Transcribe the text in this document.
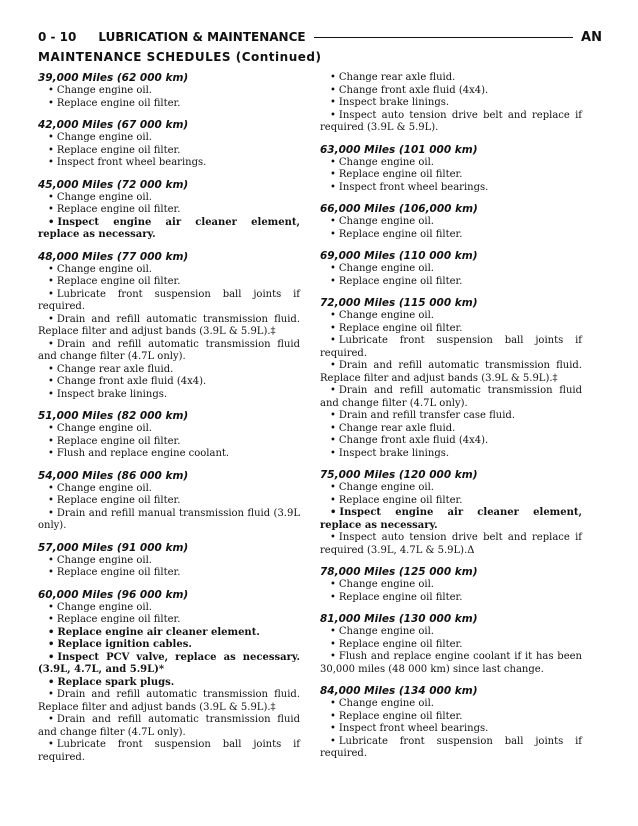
0 - 10 LUBRICATION & MAINTENANCE	AN
MAINTENANCE SCHEDULES (Continued)
39,000 Miles (62 000 km)
• Change engine oil.
• Replace engine oil filter.
42,000 Miles (67 000 km)
• Change engine oil.
• Replace engine oil filter.
• Inspect front wheel bearings.
45,000 Miles (72 000 km)
• Change engine oil.
• Replace engine oil filter.
• Inspect engine air cleaner element, replace as necessary.
48,000 Miles (77 000 km)
• Change engine oil.
• Replace engine oil filter.
• Lubricate front suspension ball joints if required.
• Drain and refill automatic transmission fluid. Replace filter and adjust bands (3.9L & 5.9L).‡
• Drain and refill automatic transmission fluid and change filter (4.7L only).
• Change rear axle fluid.
• Change front axle fluid (4x4).
• Inspect brake linings.
51,000 Miles (82 000 km)
• Change engine oil.
• Replace engine oil filter.
• Flush and replace engine coolant.
54,000 Miles (86 000 km)
• Change engine oil.
• Replace engine oil filter.
• Drain and refill manual transmission fluid (3.9L only).
57,000 Miles (91 000 km)
• Change engine oil.
• Replace engine oil filter.
60,000 Miles (96 000 km)
• Change engine oil.
• Replace engine oil filter.
• Replace engine air cleaner element.
• Replace ignition cables.
• Inspect PCV valve, replace as necessary. (3.9L, 4.7L, and 5.9L)*
• Replace spark plugs.
• Drain and refill automatic transmission fluid. Replace filter and adjust bands (3.9L & 5.9L).‡
• Drain and refill automatic transmission fluid and change filter (4.7L only).
• Lubricate front suspension ball joints if required.
• Change rear axle fluid.
• Change front axle fluid (4x4).
• Inspect brake linings.
• Inspect auto tension drive belt and replace if required (3.9L & 5.9L).
63,000 Miles (101 000 km)
• Change engine oil.
• Replace engine oil filter.
• Inspect front wheel bearings.
66,000 Miles (106,000 km)
• Change engine oil.
• Replace engine oil filter.
69,000 Miles (110 000 km)
• Change engine oil.
• Replace engine oil filter.
72,000 Miles (115 000 km)
• Change engine oil.
• Replace engine oil filter.
• Lubricate front suspension ball joints if required.
• Drain and refill automatic transmission fluid. Replace filter and adjust bands (3.9L & 5.9L).‡
• Drain and refill automatic transmission fluid and change filter (4.7L only).
• Drain and refill transfer case fluid.
• Change rear axle fluid.
• Change front axle fluid (4x4).
• Inspect brake linings.
75,000 Miles (120 000 km)
• Change engine oil.
• Replace engine oil filter.
• Inspect engine air cleaner element, replace as necessary.
• Inspect auto tension drive belt and replace if required (3.9L, 4.7L & 5.9L).Δ
78,000 Miles (125 000 km)
• Change engine oil.
• Replace engine oil filter.
81,000 Miles (130 000 km)
• Change engine oil.
• Replace engine oil filter.
• Flush and replace engine coolant if it has been 30,000 miles (48 000 km) since last change.
84,000 Miles (134 000 km)
• Change engine oil.
• Replace engine oil filter.
• Inspect front wheel bearings.
• Lubricate front suspension ball joints if required.
